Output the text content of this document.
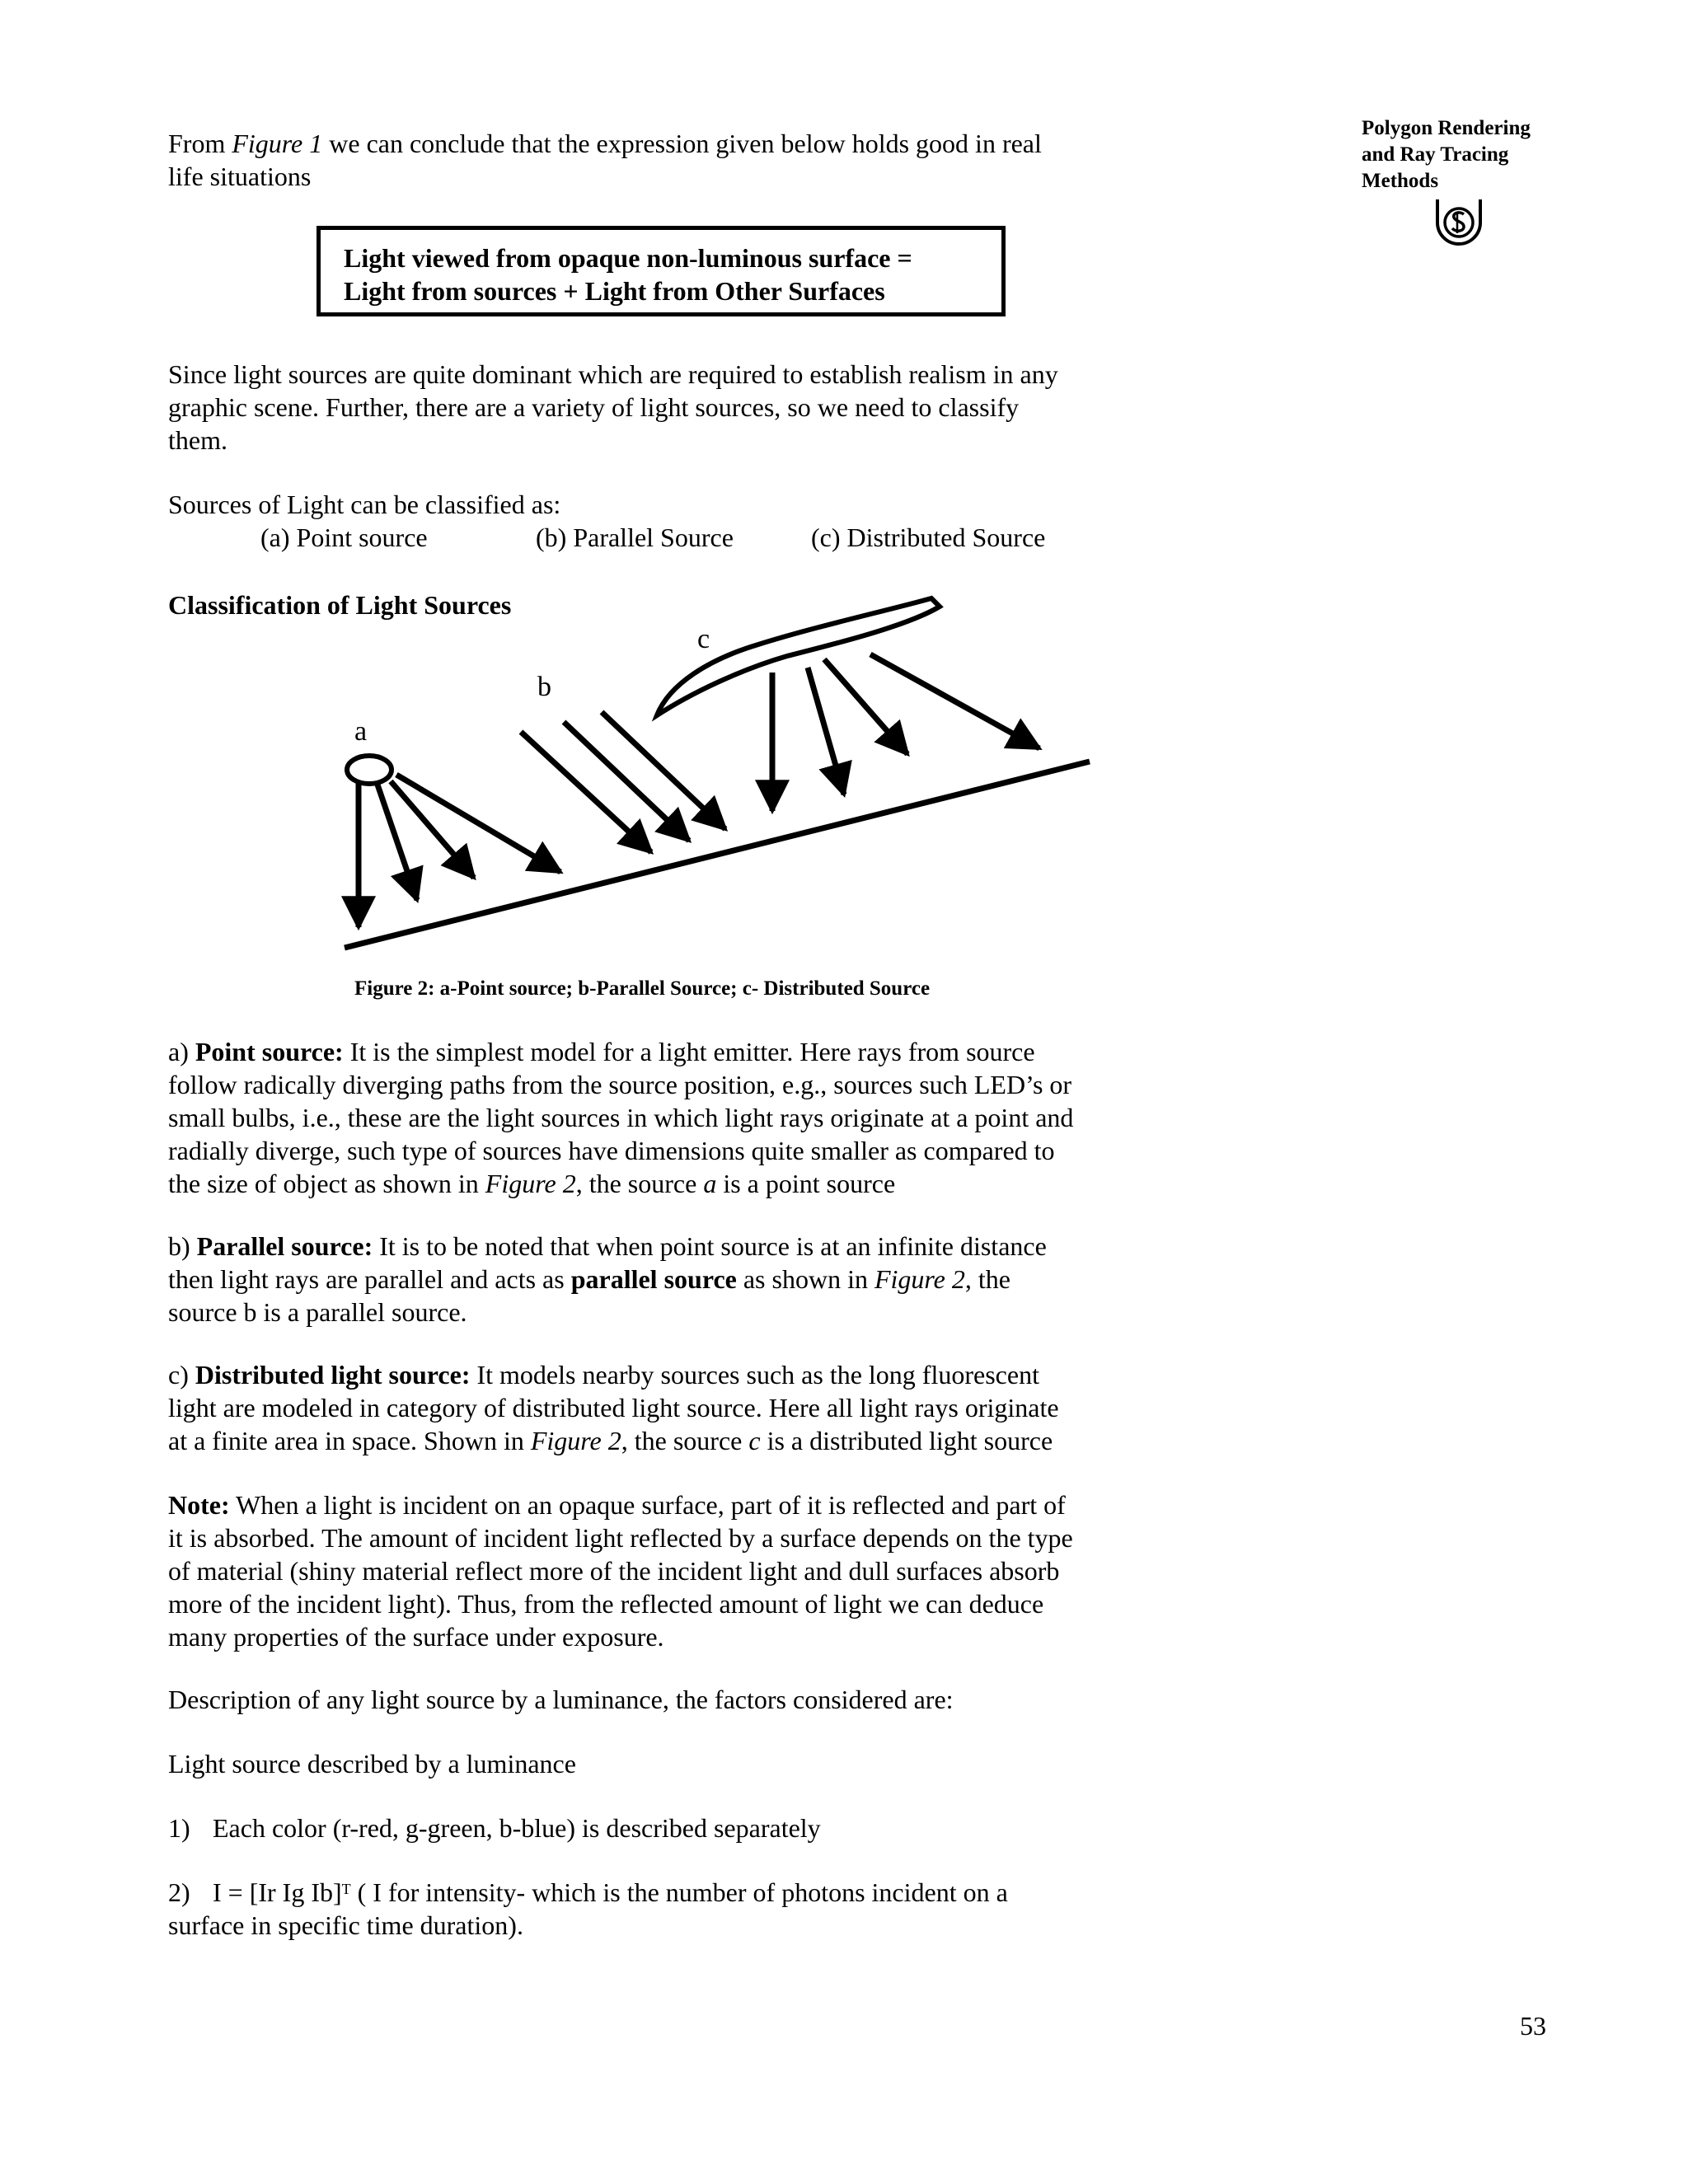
Polygon Rendering
and Ray Tracing
Methods
From Figure 1 we can conclude that the expression given below holds good in real
life situations
Light viewed from opaque non-luminous surface =
Light from sources + Light from Other Surfaces
Since light sources are quite dominant which are required to establish realism in any
graphic scene. Further, there are a variety of light sources, so we need to classify
them.
Sources of Light can be classified as:
(a) Point source	(b) Parallel Source	(c) Distributed Source
Classification of Light Sources
a
b
c
Figure 2: a-Point source; b-Parallel Source; c- Distributed Source
a) Point source: It is the simplest model for a light emitter. Here rays from source
follow radically diverging paths from the source position, e.g., sources such LED’s or
small bulbs, i.e., these are the light sources in which light rays originate at a point and
radially diverge, such type of sources have dimensions quite smaller as compared to
the size of object as shown in Figure 2, the source a is a point source
b) Parallel source: It is to be noted that when point source is at an infinite distance
then light rays are parallel and acts as parallel source as shown in Figure 2, the
source b is a parallel source.
c) Distributed light source: It models nearby sources such as the long fluorescent
light are modeled in category of distributed light source. Here all light rays originate
at a finite area in space. Shown in Figure 2, the source c is a distributed light source
Note: When a light is incident on an opaque surface, part of it is reflected and part of
it is absorbed. The amount of incident light reflected by a surface depends on the type
of material (shiny material reflect more of the incident light and dull surfaces absorb
more of the incident light). Thus, from the reflected amount of light we can deduce
many properties of the surface under exposure.
Description of any light source by a luminance, the factors considered are:
Light source described by a luminance
1) Each color (r-red, g-green, b-blue) is described separately
2) I = [Ir Ig Ib]$^T$ ( I for intensity- which is the number of photons incident on a
surface in specific time duration).
53
